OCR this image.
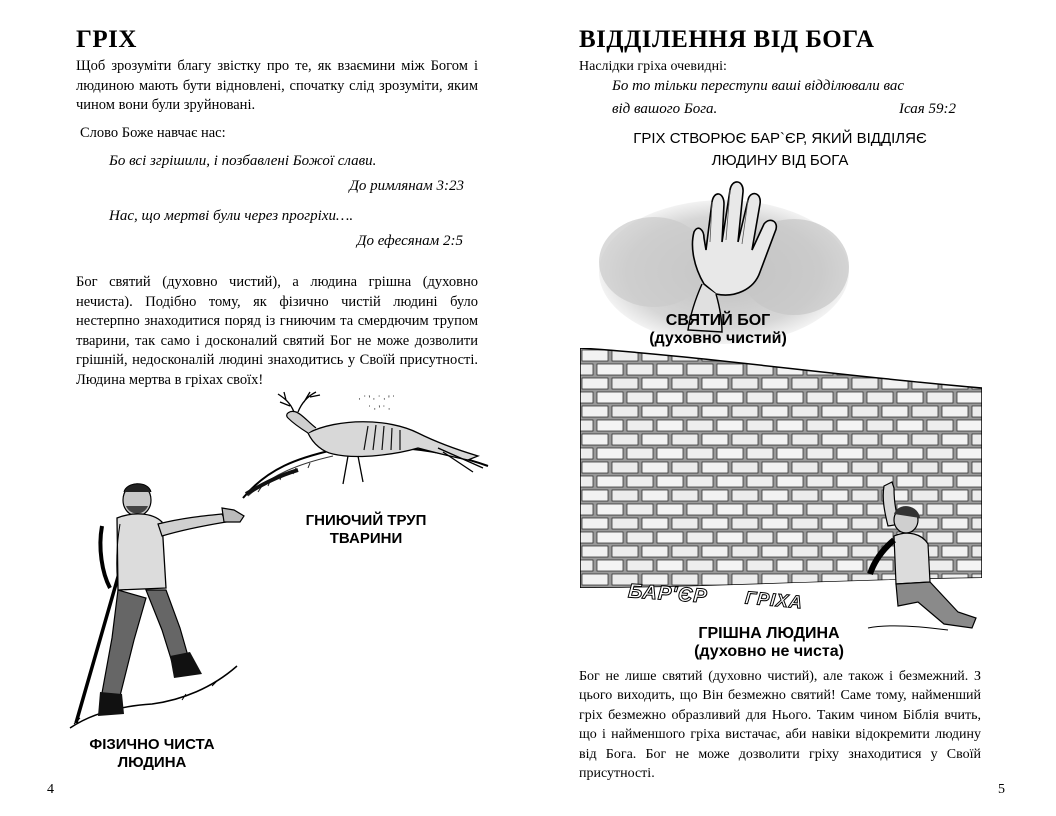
ГРІХ
Щоб зрозуміти благу звістку про те, як взаємини між Богом і людиною мають бути відновлені, спочатку слід зрозуміти, яким чином вони були зруйновані.
Слово Боже навчає нас:
Бо всі згрішили, і позбавлені Божої слави.
До римлянам 3:23
Нас, що мертві були через прогріхи….
До ефесянам 2:5
Бог святий (духовно чистий), а людина грішна (духовно нечиста). Подібно тому, як фізично чистій людині було нестерпно знаходитися поряд із гниючим та смердючим трупом тварини, так само і досконалий святий Бог не може дозволити грішній, недосконалій людині знаходитись у Своїй присутності. Людина мертва в гріхах своїх!
· ˙ ' · ˙ · ' ˙
˙ · ' ˙ ·
ГНИЮЧИЙ ТРУП
ТВАРИНИ
ФІЗИЧНО ЧИСТА
ЛЮДИНА
4
ВІДДІЛЕННЯ ВІД БОГА
Наслідки гріха очевидні:
Бо то тільки переступи ваші відділювали вас
від вашого Бога.	Ісая 59:2
ГРІХ СТВОРЮЄ БАР`ЄР, ЯКИЙ ВІДДІЛЯЄ
ЛЮДИНУ ВІД БОГА
СВЯТИЙ БОГ
(духовно чистий)
БАР'ЄР ГРІХА
ГРІШНА ЛЮДИНА
(духовно не чиста)
Бог не лише святий (духовно чистий), але також і безмежний. З цього виходить, що Він безмежно святий! Саме тому, найменший гріх безмежно образливий для Нього. Таким чином Біблія вчить, що і найменшого гріха вистачає, аби навіки відокремити людину від Бога. Бог не може дозволити гріху знаходитися у Своїй присутності.
5
